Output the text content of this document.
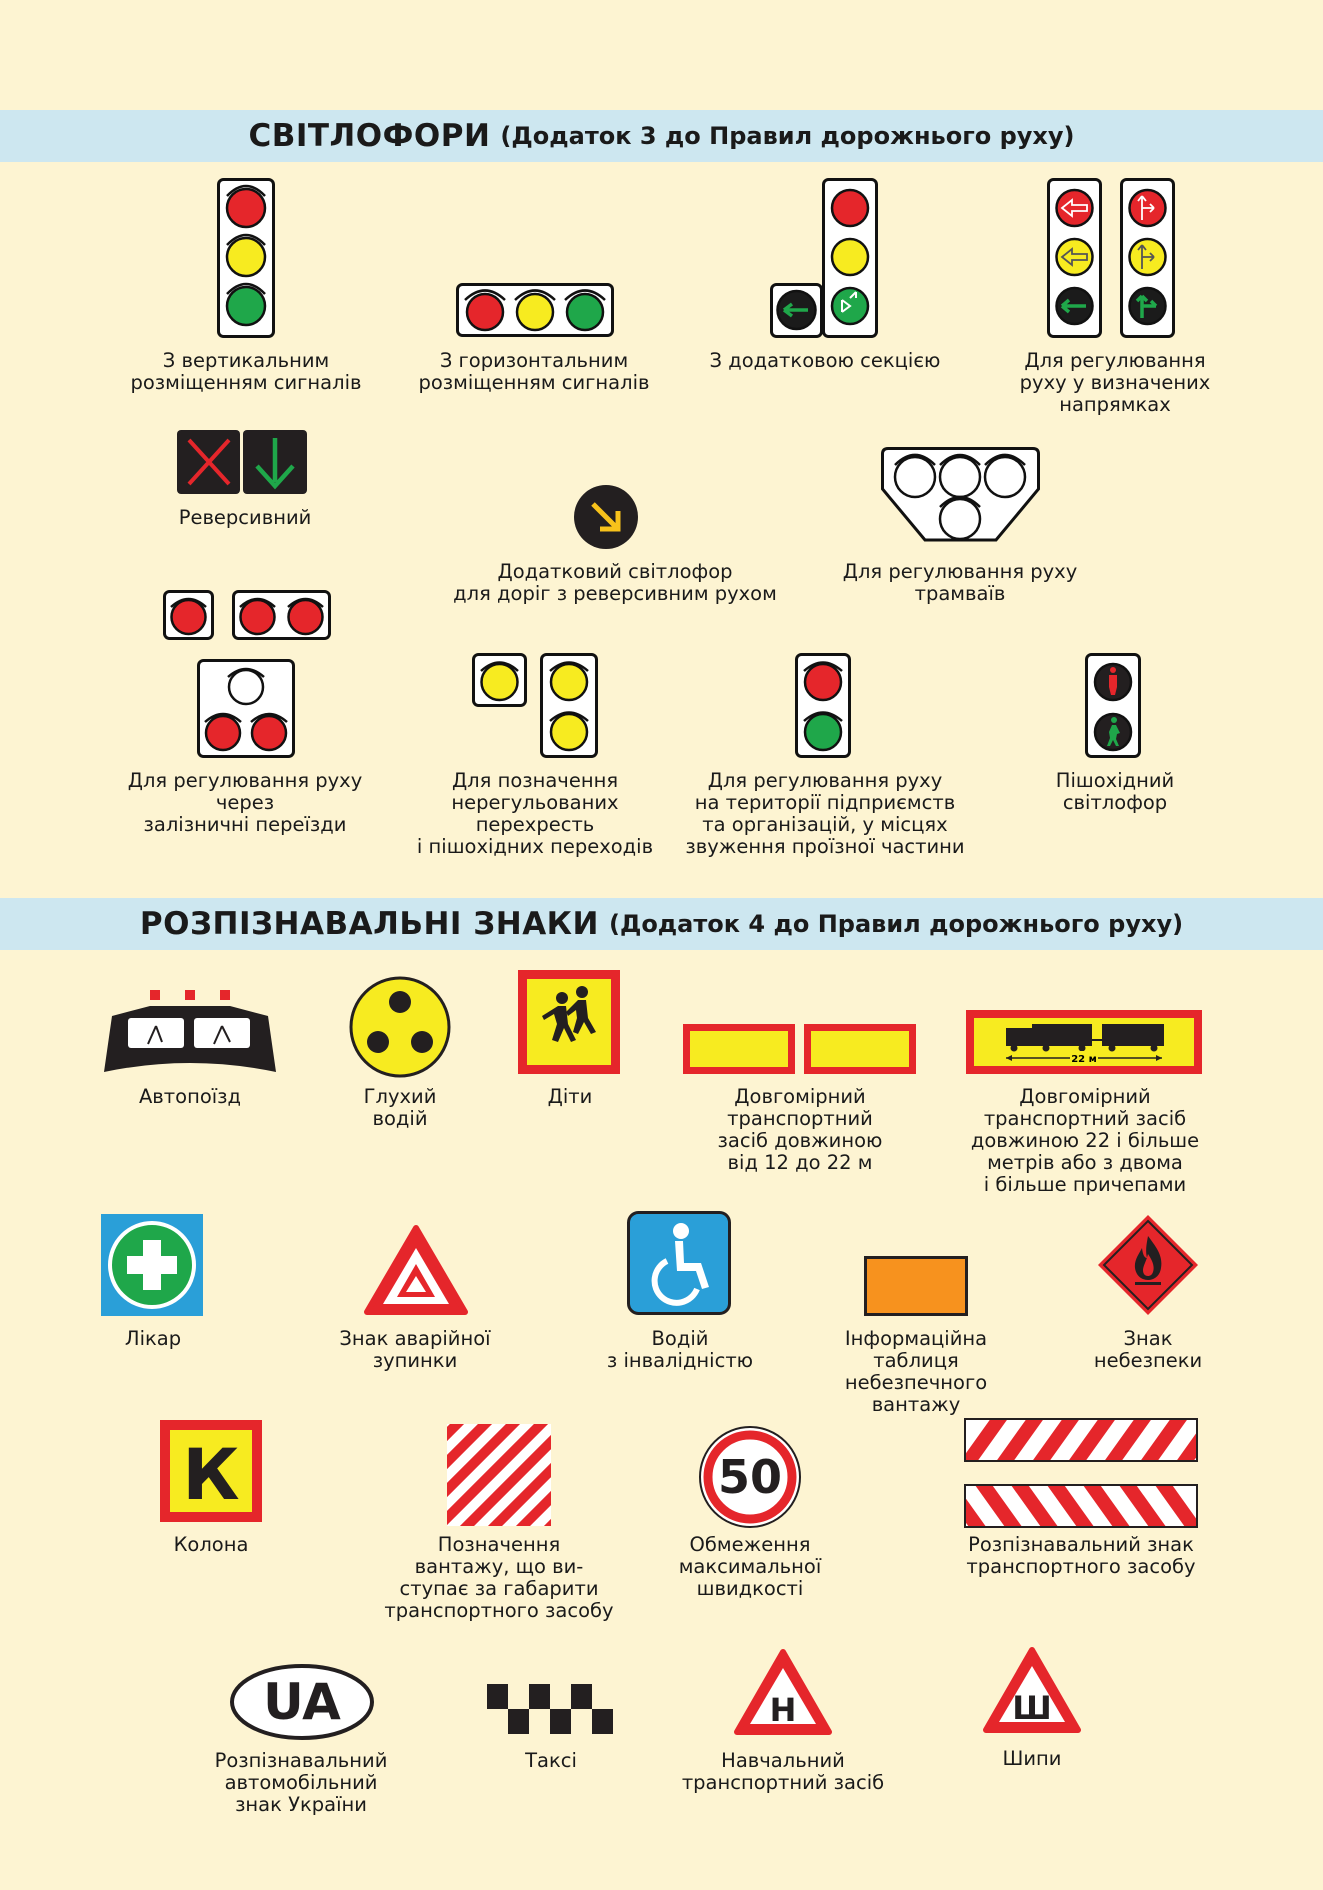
СВІТЛОФОРИ (Додаток 3 до Правил дорожнього руху)
РОЗПІЗНАВАЛЬНІ ЗНАКИ (Додаток 4 до Правил дорожнього руху)
З вертикальним
розміщенням сигналів
З горизонтальним
розміщенням сигналів
З додатковою секцією	Для регулювання
руху у визначених
напрямках
Реверсивний
Додатковий світлофор
для доріг з реверсивним рухом
Для регулювання руху
трамваїв
Для регулювання руху через
залізничні переїзди
Для позначення
нерегульованих перехресть
і пішохідних переходів
Для регулювання руху
на території підприємств
та організацій, у місцях
звуження проїзної частини
Пішохідний
світлофор
Автопоїзд	Глухий
водій
Діти	Довгомірний
транспортний
засіб довжиною
від 12 до 22 м
22 м
Довгомірний
транспортний засіб
довжиною 22 і більше
метрів або з двома
і більше причепами
Лікар	Знак аварійної
зупинки
Водій
з інвалідністю
Інформаційна таблиця
небезпечного вантажу
Знак
небезпеки
К
Колона	Позначення
вантажу, що ви-
ступає за габарити
транспортного засобу
50
Обмеження
максимальної
швидкості
Розпізнавальний знак
транспортного засобу
UA
Розпізнавальний
автомобільний
знак України
Таксі
Н
Навчальний
транспортний засіб
Ш
Шипи
